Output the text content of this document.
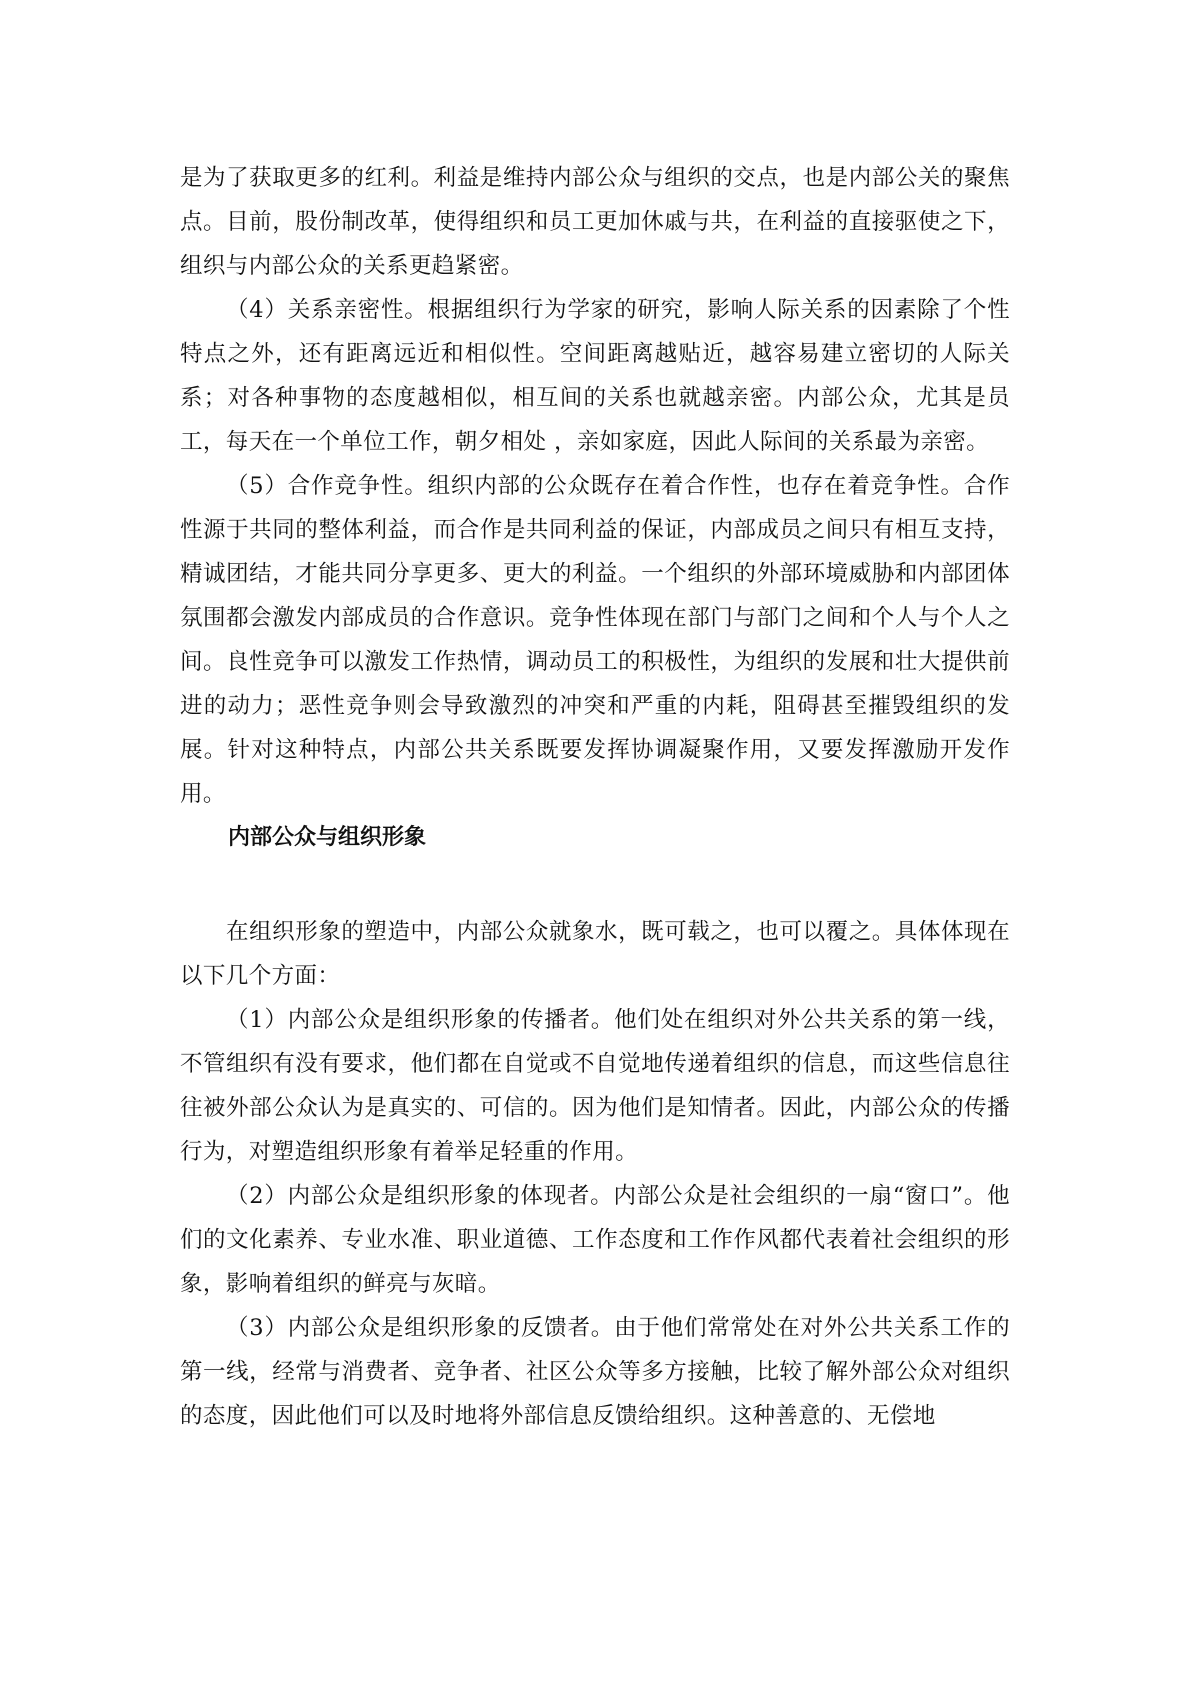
是为了获取更多的红利。利益是维持内部公众与组织的交点，也是内部公关的聚焦点。目前，股份制改革，使得组织和员工更加休戚与共，在利益的直接驱使之下，组织与内部公众的关系更趋紧密。

（4）关系亲密性。根据组织行为学家的研究，影响人际关系的因素除了个性特点之外，还有距离远近和相似性。空间距离越贴近，越容易建立密切的人际关系；对各种事物的态度越相似，相互间的关系也就越亲密。内部公众，尤其是员工，每天在一个单位工作，朝夕相处 ，亲如家庭，因此人际间的关系最为亲密。

（5）合作竞争性。组织内部的公众既存在着合作性，也存在着竞争性。合作性源于共同的整体利益，而合作是共同利益的保证，内部成员之间只有相互支持，精诚团结，才能共同分享更多、更大的利益。一个组织的外部环境威胁和内部团体氛围都会激发内部成员的合作意识。竞争性体现在部门与部门之间和个人与个人之间。良性竞争可以激发工作热情，调动员工的积极性，为组织的发展和壮大提供前进的动力；恶性竞争则会导致激烈的冲突和严重的内耗，阻碍甚至摧毁组织的发展。针对这种特点，内部公共关系既要发挥协调凝聚作用，又要发挥激励开发作用。

内部公众与组织形象

在组织形象的塑造中，内部公众就象水，既可载之，也可以覆之。具体体现在以下几个方面：

（1）内部公众是组织形象的传播者。他们处在组织对外公共关系的第一线，不管组织有没有要求，他们都在自觉或不自觉地传递着组织的信息，而这些信息往往被外部公众认为是真实的、可信的。因为他们是知情者。因此，内部公众的传播行为，对塑造组织形象有着举足轻重的作用。

（2）内部公众是组织形象的体现者。内部公众是社会组织的一扇“窗口”。他们的文化素养、专业水准、职业道德、工作态度和工作作风都代表着社会组织的形象，影响着组织的鲜亮与灰暗。

（3）内部公众是组织形象的反馈者。由于他们常常处在对外公共关系工作的第一线，经常与消费者、竞争者、社区公众等多方接触，比较了解外部公众对组织的态度，因此他们可以及时地将外部信息反馈给组织。这种善意的、无偿地
